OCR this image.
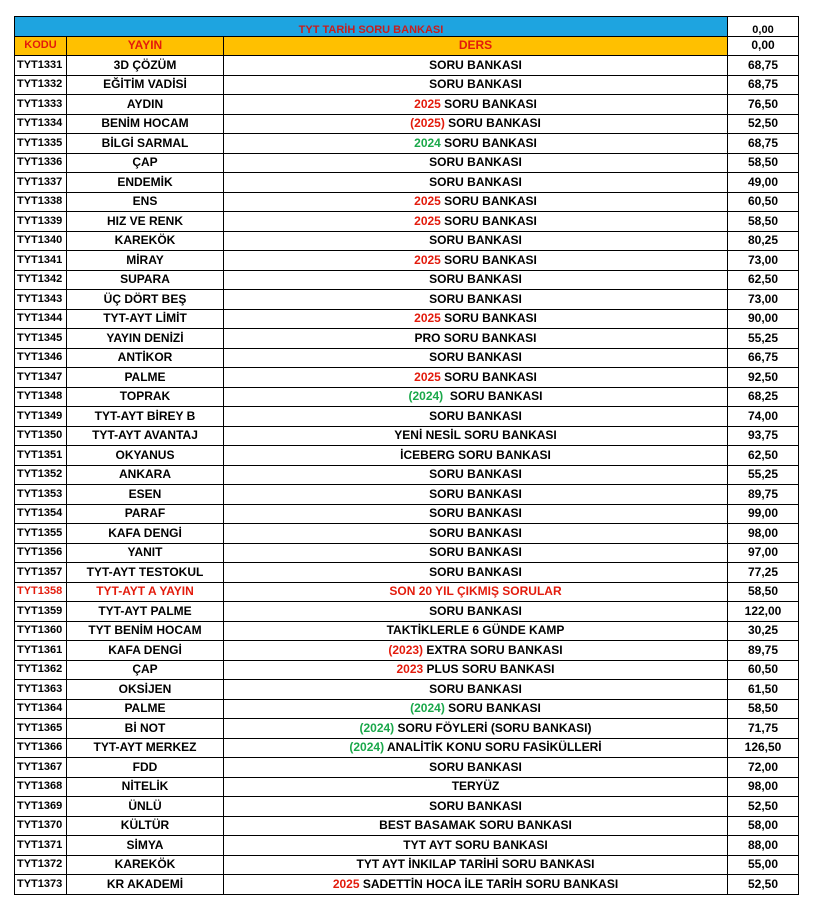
TYT TARİH SORU BANKASI			0,00
KODU	YAYIN	DERS	0,00
TYT1331	3D ÇÖZÜM	SORU BANKASI	68,75
TYT1332	EĞİTİM VADİSİ	SORU BANKASI	68,75
TYT1333	AYDIN	2025 SORU BANKASI	76,50
TYT1334	BENİM HOCAM	(2025) SORU BANKASI	52,50
TYT1335	BİLGİ SARMAL	2024 SORU BANKASI	68,75
TYT1336	ÇAP	SORU BANKASI	58,50
TYT1337	ENDEMİK	SORU BANKASI	49,00
TYT1338	ENS	2025 SORU BANKASI	60,50
TYT1339	HIZ VE RENK	2025 SORU BANKASI	58,50
TYT1340	KAREKÖK	SORU BANKASI	80,25
TYT1341	MİRAY	2025 SORU BANKASI	73,00
TYT1342	SUPARA	SORU BANKASI	62,50
TYT1343	ÜÇ DÖRT BEŞ	SORU BANKASI	73,00
TYT1344	TYT-AYT LİMİT	2025 SORU BANKASI	90,00
TYT1345	YAYIN DENİZİ	PRO SORU BANKASI	55,25
TYT1346	ANTİKOR	SORU BANKASI	66,75
TYT1347	PALME	2025 SORU BANKASI	92,50
TYT1348	TOPRAK	(2024)  SORU BANKASI	68,25
TYT1349	TYT-AYT BİREY B	SORU BANKASI	74,00
TYT1350	TYT-AYT AVANTAJ	YENİ NESİL SORU BANKASI	93,75
TYT1351	OKYANUS	İCEBERG SORU BANKASI	62,50
TYT1352	ANKARA	SORU BANKASI	55,25
TYT1353	ESEN	SORU BANKASI	89,75
TYT1354	PARAF	SORU BANKASI	99,00
TYT1355	KAFA DENGİ	SORU BANKASI	98,00
TYT1356	YANIT	SORU BANKASI	97,00
TYT1357	TYT-AYT TESTOKUL	SORU BANKASI	77,25
TYT1358	TYT-AYT A YAYIN	SON 20 YIL ÇIKMIŞ SORULAR	58,50
TYT1359	TYT-AYT PALME	SORU BANKASI	122,00
TYT1360	TYT BENİM HOCAM	TAKTİKLERLE 6 GÜNDE KAMP	30,25
TYT1361	KAFA DENGİ	(2023) EXTRA SORU BANKASI	89,75
TYT1362	ÇAP	2023 PLUS SORU BANKASI	60,50
TYT1363	OKSİJEN	SORU BANKASI	61,50
TYT1364	PALME	(2024) SORU BANKASI	58,50
TYT1365	Bİ NOT	(2024) SORU FÖYLERİ (SORU BANKASI)	71,75
TYT1366	TYT-AYT MERKEZ	(2024) ANALİTİK KONU SORU FASİKÜLLERİ	126,50
TYT1367	FDD	SORU BANKASI	72,00
TYT1368	NİTELİK	TERYÜZ	98,00
TYT1369	ÜNLÜ	SORU BANKASI	52,50
TYT1370	KÜLTÜR	BEST BASAMAK SORU BANKASI	58,00
TYT1371	SİMYA	TYT AYT SORU BANKASI	88,00
TYT1372	KAREKÖK	TYT AYT İNKILAP TARİHİ SORU BANKASI	55,00
TYT1373	KR AKADEMİ	2025 SADETTİN HOCA İLE TARİH SORU BANKASI	52,50
